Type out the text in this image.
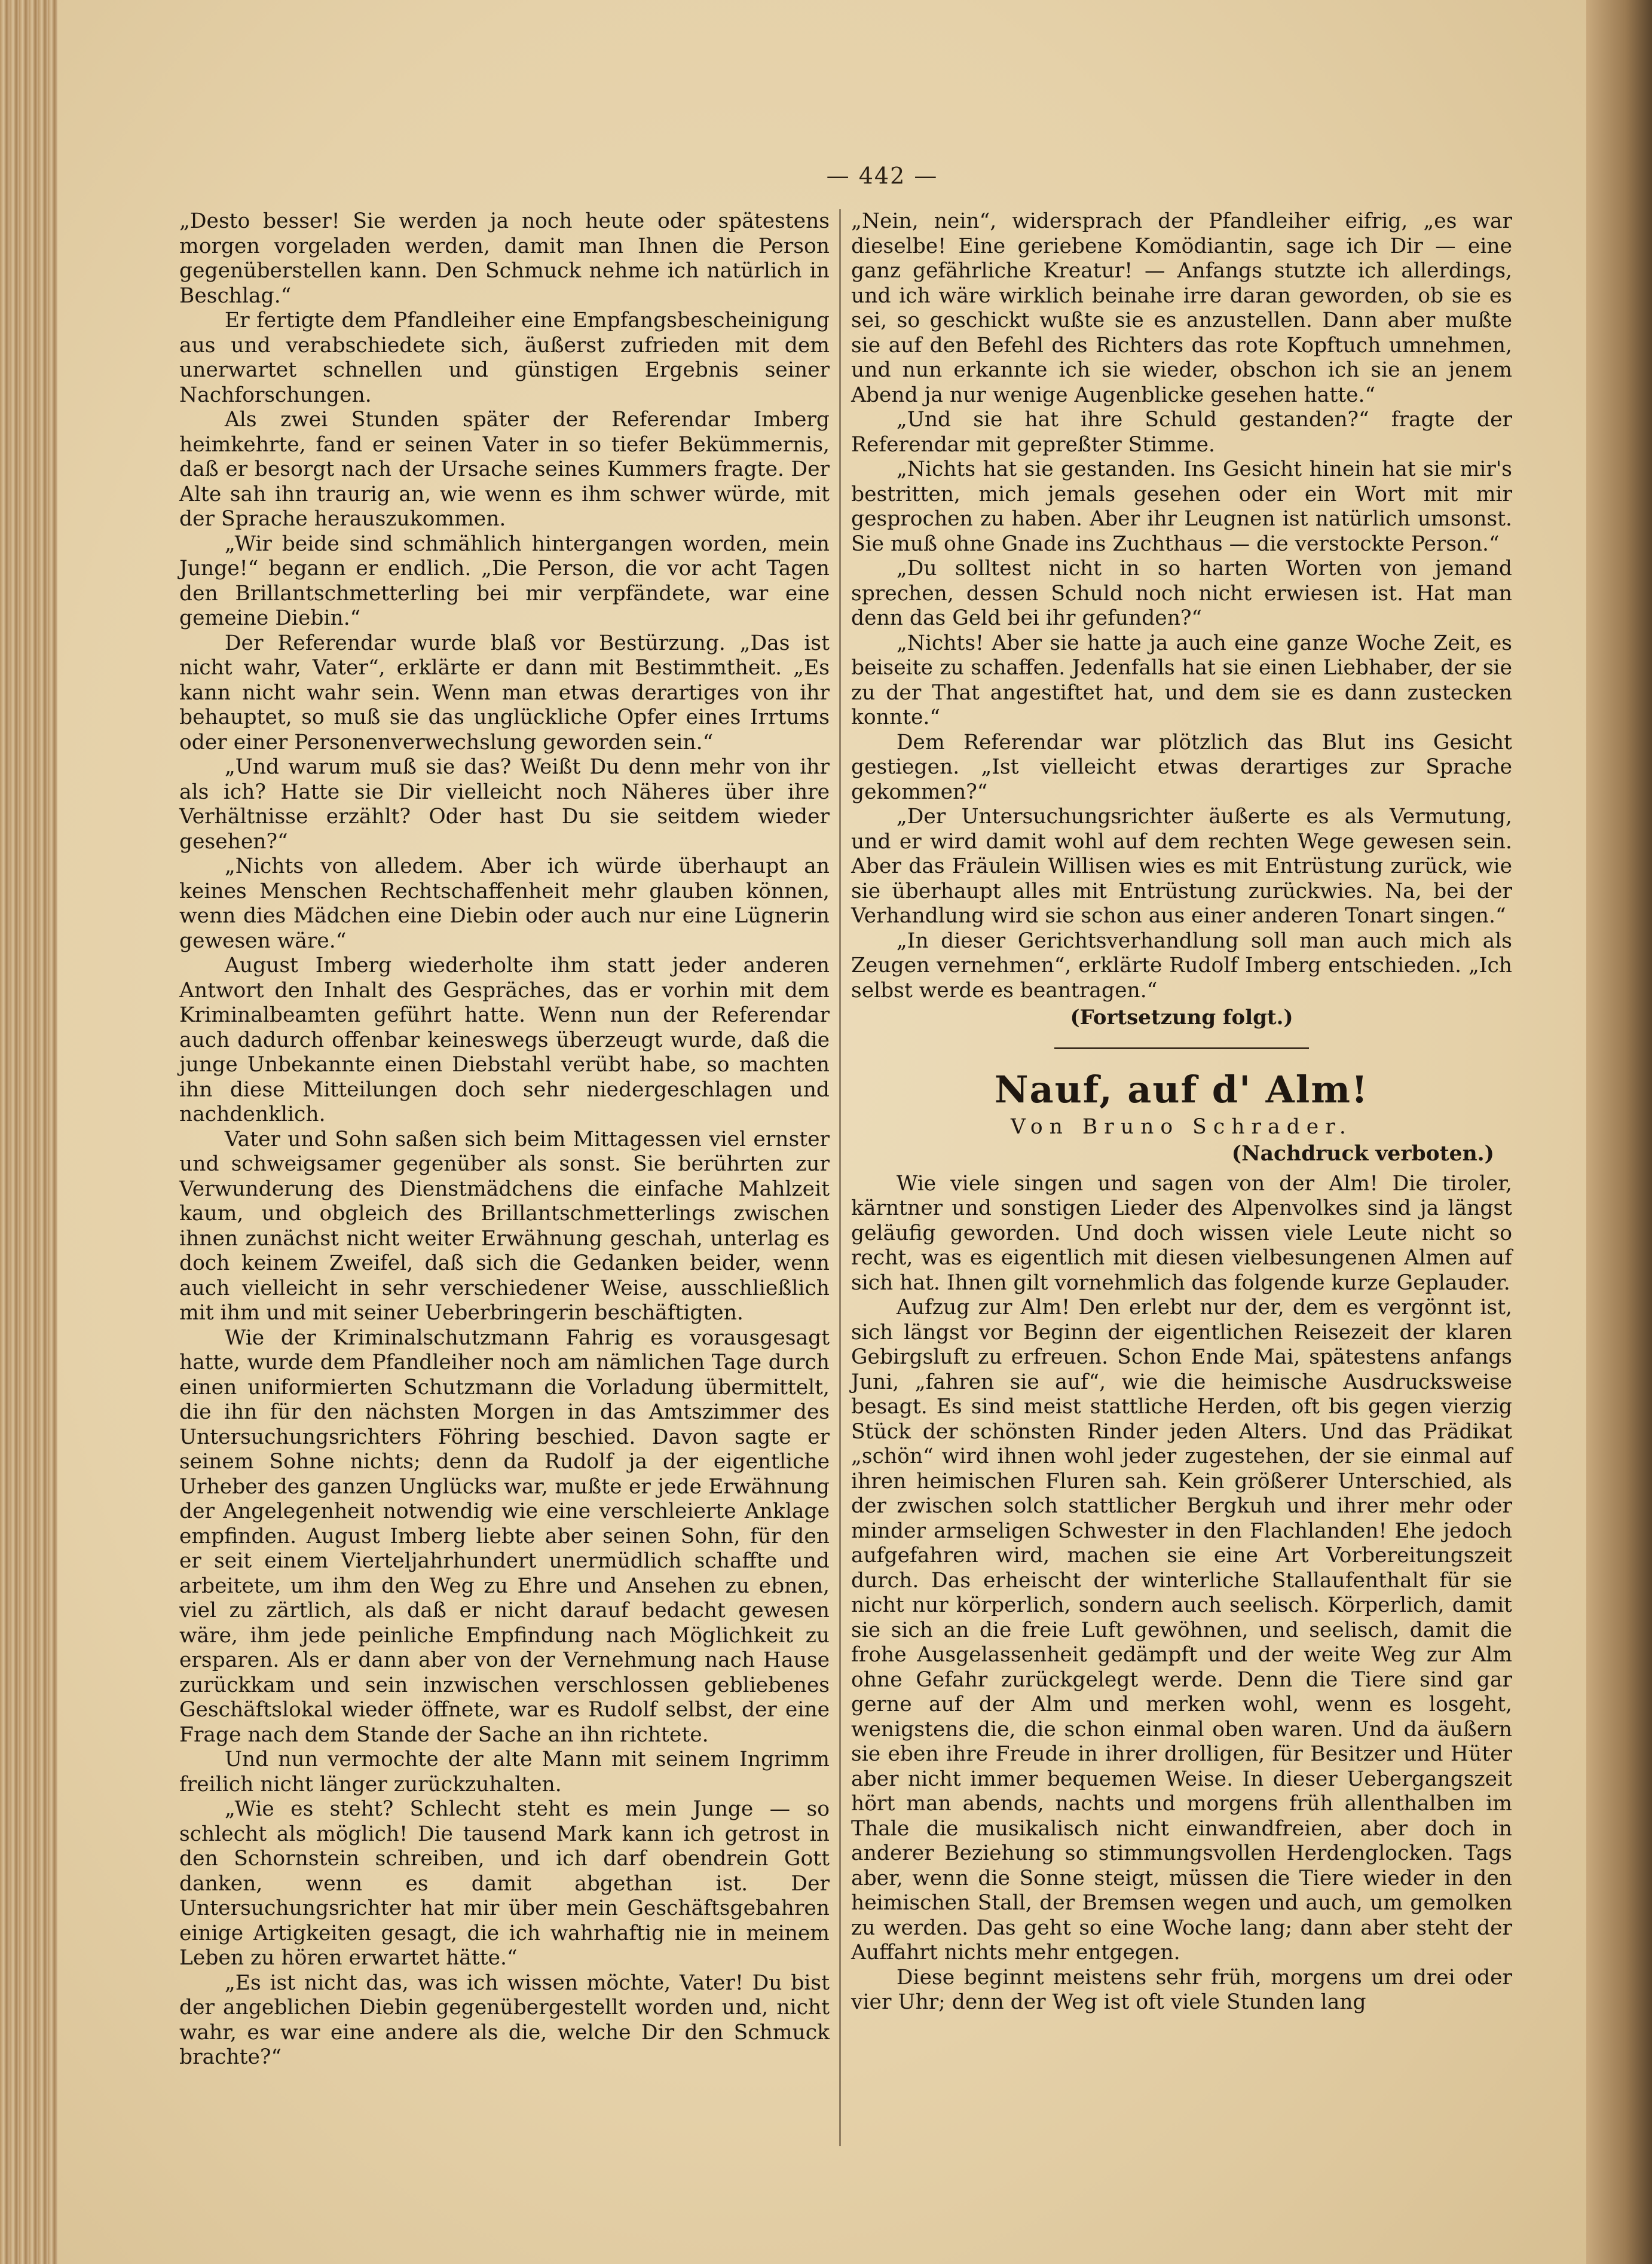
— 442 —

„Desto besser! Sie werden ja noch heute oder spätestens morgen vorgeladen werden, damit man Ihnen die Person gegenüberstellen kann. Den Schmuck nehme ich natürlich in Beschlag.“

Er fertigte dem Pfandleiher eine Empfangsbescheinigung aus und verabschiedete sich, äußerst zufrieden mit dem unerwartet schnellen und günstigen Ergebnis seiner Nachforschungen.

Als zwei Stunden später der Referendar Imberg heimkehrte, fand er seinen Vater in so tiefer Bekümmernis, daß er besorgt nach der Ursache seines Kummers fragte. Der Alte sah ihn traurig an, wie wenn es ihm schwer würde, mit der Sprache herauszukommen.

„Wir beide sind schmählich hintergangen worden, mein Junge!“ begann er endlich. „Die Person, die vor acht Tagen den Brillantschmetterling bei mir verpfändete, war eine gemeine Diebin.“

Der Referendar wurde blaß vor Bestürzung. „Das ist nicht wahr, Vater“, erklärte er dann mit Bestimmtheit. „Es kann nicht wahr sein. Wenn man etwas derartiges von ihr behauptet, so muß sie das unglückliche Opfer eines Irrtums oder einer Personenverwechslung geworden sein.“

„Und warum muß sie das? Weißt Du denn mehr von ihr als ich? Hatte sie Dir vielleicht noch Näheres über ihre Verhältnisse erzählt? Oder hast Du sie seitdem wieder gesehen?“

„Nichts von alledem. Aber ich würde überhaupt an keines Menschen Rechtschaffenheit mehr glauben können, wenn dies Mädchen eine Diebin oder auch nur eine Lügnerin gewesen wäre.“

August Imberg wiederholte ihm statt jeder anderen Antwort den Inhalt des Gespräches, das er vorhin mit dem Kriminalbeamten geführt hatte. Wenn nun der Referendar auch dadurch offenbar keineswegs überzeugt wurde, daß die junge Unbekannte einen Diebstahl verübt habe, so machten ihn diese Mitteilungen doch sehr niedergeschlagen und nachdenklich.

Vater und Sohn saßen sich beim Mittagessen viel ernster und schweigsamer gegenüber als sonst. Sie berührten zur Verwunderung des Dienstmädchens die einfache Mahlzeit kaum, und obgleich des Brillantschmetterlings zwischen ihnen zunächst nicht weiter Erwähnung geschah, unterlag es doch keinem Zweifel, daß sich die Gedanken beider, wenn auch vielleicht in sehr verschiedener Weise, ausschließlich mit ihm und mit seiner Ueberbringerin beschäftigten.

Wie der Kriminalschutzmann Fahrig es vorausgesagt hatte, wurde dem Pfandleiher noch am nämlichen Tage durch einen uniformierten Schutzmann die Vorladung übermittelt, die ihn für den nächsten Morgen in das Amtszimmer des Untersuchungsrichters Föhring beschied. Davon sagte er seinem Sohne nichts; denn da Rudolf ja der eigentliche Urheber des ganzen Unglücks war, mußte er jede Erwähnung der Angelegenheit notwendig wie eine verschleierte Anklage empfinden. August Imberg liebte aber seinen Sohn, für den er seit einem Vierteljahrhundert unermüdlich schaffte und arbeitete, um ihm den Weg zu Ehre und Ansehen zu ebnen, viel zu zärtlich, als daß er nicht darauf bedacht gewesen wäre, ihm jede peinliche Empfindung nach Möglichkeit zu ersparen. Als er dann aber von der Vernehmung nach Hause zurückkam und sein inzwischen verschlossen gebliebenes Geschäftslokal wieder öffnete, war es Rudolf selbst, der eine Frage nach dem Stande der Sache an ihn richtete.

Und nun vermochte der alte Mann mit seinem Ingrimm freilich nicht länger zurückzuhalten.

„Wie es steht? Schlecht steht es mein Junge — so schlecht als möglich! Die tausend Mark kann ich getrost in den Schornstein schreiben, und ich darf obendrein Gott danken, wenn es damit abgethan ist. Der Untersuchungsrichter hat mir über mein Geschäftsgebahren einige Artigkeiten gesagt, die ich wahrhaftig nie in meinem Leben zu hören erwartet hätte.“

„Es ist nicht das, was ich wissen möchte, Vater! Du bist der angeblichen Diebin gegenübergestellt worden und, nicht wahr, es war eine andere als die, welche Dir den Schmuck brachte?“

„Nein, nein“, widersprach der Pfandleiher eifrig, „es war dieselbe! Eine geriebene Komödiantin, sage ich Dir — eine ganz gefährliche Kreatur! — Anfangs stutzte ich allerdings, und ich wäre wirklich beinahe irre daran geworden, ob sie es sei, so geschickt wußte sie es anzustellen. Dann aber mußte sie auf den Befehl des Richters das rote Kopftuch umnehmen, und nun erkannte ich sie wieder, obschon ich sie an jenem Abend ja nur wenige Augenblicke gesehen hatte.“

„Und sie hat ihre Schuld gestanden?“ fragte der Referendar mit gepreßter Stimme.

„Nichts hat sie gestanden. Ins Gesicht hinein hat sie mir's bestritten, mich jemals gesehen oder ein Wort mit mir gesprochen zu haben. Aber ihr Leugnen ist natürlich umsonst. Sie muß ohne Gnade ins Zuchthaus — die verstockte Person.“

„Du solltest nicht in so harten Worten von jemand sprechen, dessen Schuld noch nicht erwiesen ist. Hat man denn das Geld bei ihr gefunden?“

„Nichts! Aber sie hatte ja auch eine ganze Woche Zeit, es beiseite zu schaffen. Jedenfalls hat sie einen Liebhaber, der sie zu der That angestiftet hat, und dem sie es dann zustecken konnte.“

Dem Referendar war plötzlich das Blut ins Gesicht gestiegen. „Ist vielleicht etwas derartiges zur Sprache gekommen?“

„Der Untersuchungsrichter äußerte es als Vermutung, und er wird damit wohl auf dem rechten Wege gewesen sein. Aber das Fräulein Willisen wies es mit Entrüstung zurück, wie sie überhaupt alles mit Entrüstung zurückwies. Na, bei der Verhandlung wird sie schon aus einer anderen Tonart singen.“

„In dieser Gerichtsverhandlung soll man auch mich als Zeugen vernehmen“, erklärte Rudolf Imberg entschieden. „Ich selbst werde es beantragen.“

(Fortsetzung folgt.)

Nauf, auf d' Alm!

Von Bruno Schrader.

(Nachdruck verboten.)

Wie viele singen und sagen von der Alm! Die tiroler, kärntner und sonstigen Lieder des Alpenvolkes sind ja längst geläufig geworden. Und doch wissen viele Leute nicht so recht, was es eigentlich mit diesen vielbesungenen Almen auf sich hat. Ihnen gilt vornehmlich das folgende kurze Geplauder.

Aufzug zur Alm! Den erlebt nur der, dem es vergönnt ist, sich längst vor Beginn der eigentlichen Reisezeit der klaren Gebirgsluft zu erfreuen. Schon Ende Mai, spätestens anfangs Juni, „fahren sie auf“, wie die heimische Ausdrucksweise besagt. Es sind meist stattliche Herden, oft bis gegen vierzig Stück der schönsten Rinder jeden Alters. Und das Prädikat „schön“ wird ihnen wohl jeder zugestehen, der sie einmal auf ihren heimischen Fluren sah. Kein größerer Unterschied, als der zwischen solch stattlicher Bergkuh und ihrer mehr oder minder armseligen Schwester in den Flachlanden! Ehe jedoch aufgefahren wird, machen sie eine Art Vorbereitungszeit durch. Das erheischt der winterliche Stallaufenthalt für sie nicht nur körperlich, sondern auch seelisch. Körperlich, damit sie sich an die freie Luft gewöhnen, und seelisch, damit die frohe Ausgelassenheit gedämpft und der weite Weg zur Alm ohne Gefahr zurückgelegt werde. Denn die Tiere sind gar gerne auf der Alm und merken wohl, wenn es losgeht, wenigstens die, die schon einmal oben waren. Und da äußern sie eben ihre Freude in ihrer drolligen, für Besitzer und Hüter aber nicht immer bequemen Weise. In dieser Uebergangszeit hört man abends, nachts und morgens früh allenthalben im Thale die musikalisch nicht einwandfreien, aber doch in anderer Beziehung so stimmungsvollen Herdenglocken. Tags aber, wenn die Sonne steigt, müssen die Tiere wieder in den heimischen Stall, der Bremsen wegen und auch, um gemolken zu werden. Das geht so eine Woche lang; dann aber steht der Auffahrt nichts mehr entgegen.

Diese beginnt meistens sehr früh, morgens um drei oder vier Uhr; denn der Weg ist oft viele Stunden lang
